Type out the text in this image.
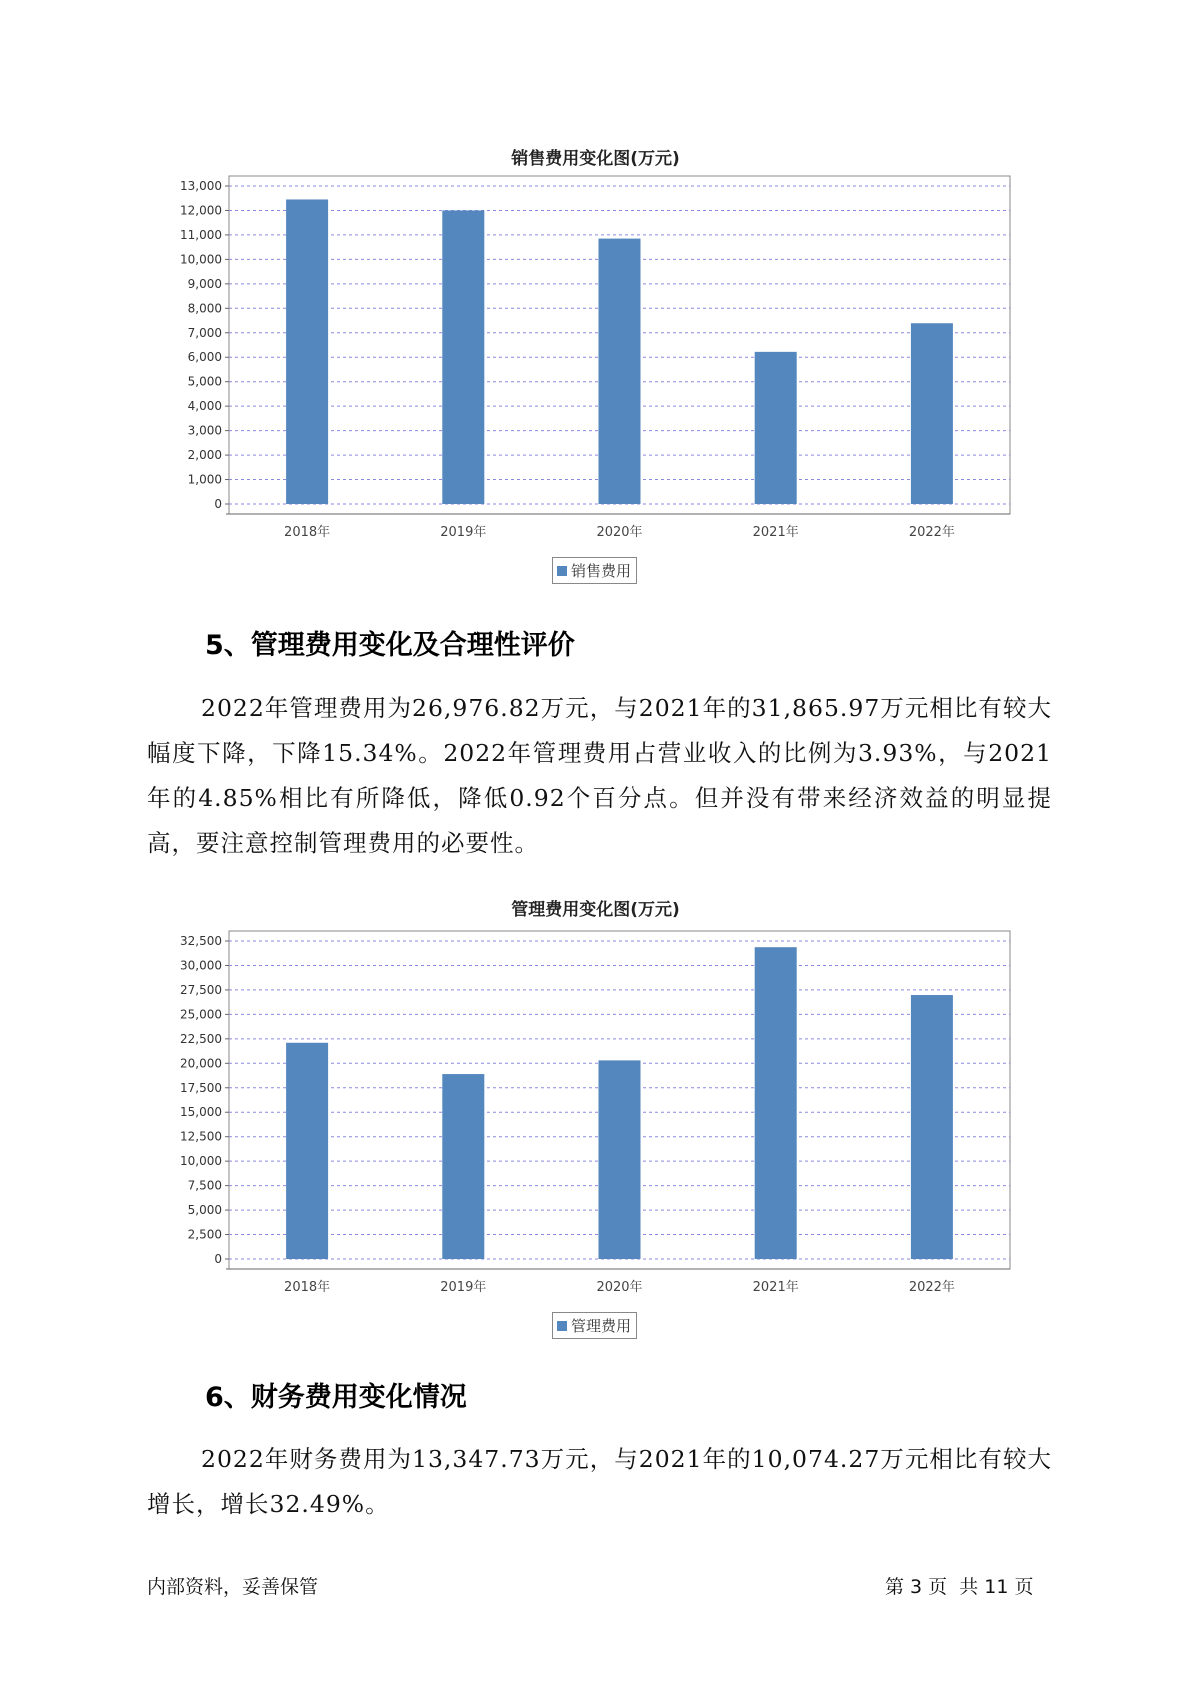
销售费用变化图(万元)
0
1,000
2,000
3,000
4,000
5,000
6,000
7,000
8,000
9,000
10,000
11,000
12,000
13,000
2018年	2019年	2020年	2021年	2022年
销售费用
5、管理费用变化及合理性评价

2022年管理费用为26,976.82万元，与2021年的31,865.97万元相比有较大幅度下降，下降15.34%。2022年管理费用占营业收入的比例为3.93%，与2021年的4.85%相比有所降低，降低0.92个百分点。但并没有带来经济效益的明显提高，要注意控制管理费用的必要性。

管理费用变化图(万元)
0
2,500
5,000
7,500
10,000
12,500
15,000
17,500
20,000
22,500
25,000
27,500
30,000
32,500
2018年	2019年	2020年	2021年	2022年
管理费用
6、财务费用变化情况

2022年财务费用为13,347.73万元，与2021年的10,074.27万元相比有较大增长，增长32.49%。

内部资料，妥善保管	第 3 页  共 11 页
